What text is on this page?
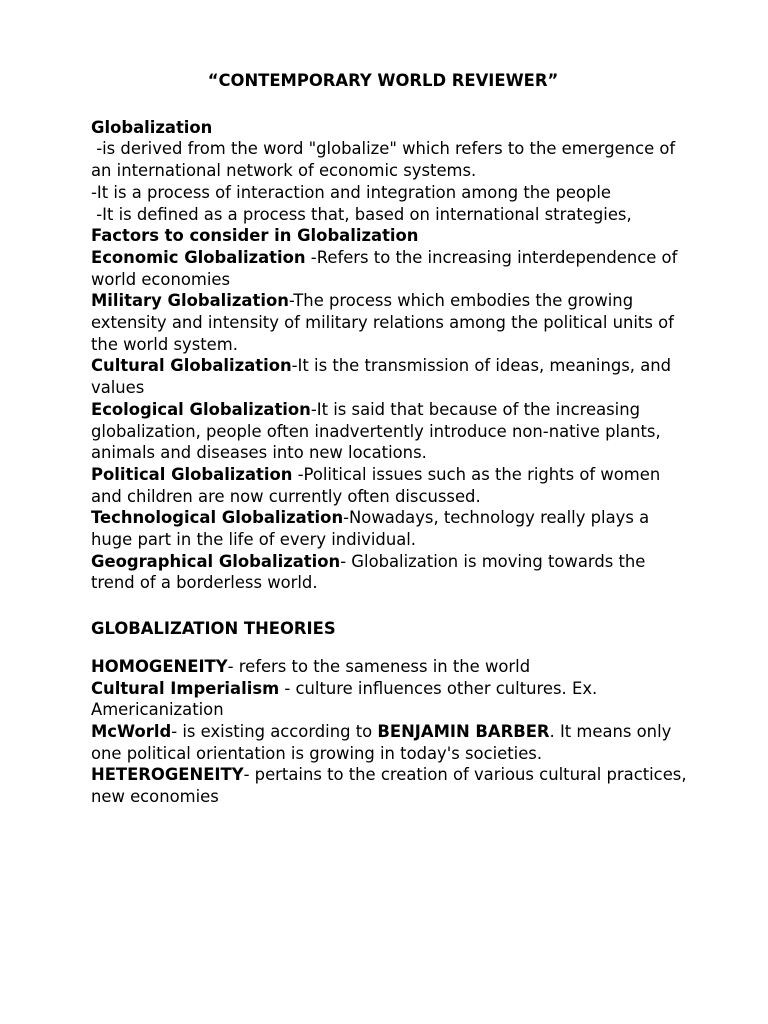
“CONTEMPORARY WORLD REVIEWER”

Globalization

-is derived from the word "globalize" which refers to the emergence of an international network of economic systems.

-It is a process of interaction and integration among the people

-It is defined as a process that, based on international strategies,

Factors to consider in Globalization

Economic Globalization -Refers to the increasing interdependence of world economies

Military Globalization-The process which embodies the growing extensity and intensity of military relations among the political units of the world system.

Cultural Globalization-It is the transmission of ideas, meanings, and values

Ecological Globalization-It is said that because of the increasing globalization, people often inadvertently introduce non-native plants, animals and diseases into new locations.

Political Globalization -Political issues such as the rights of women and children are now currently often discussed.

Technological Globalization-Nowadays, technology really plays a huge part in the life of every individual.

Geographical Globalization- Globalization is moving towards the trend of a borderless world.

GLOBALIZATION THEORIES

HOMOGENEITY- refers to the sameness in the world

Cultural Imperialism - culture influences other cultures. Ex. Americanization

McWorld- is existing according to BENJAMIN BARBER. It means only one political orientation is growing in today's societies.

HETEROGENEITY- pertains to the creation of various cultural practices, new economies
